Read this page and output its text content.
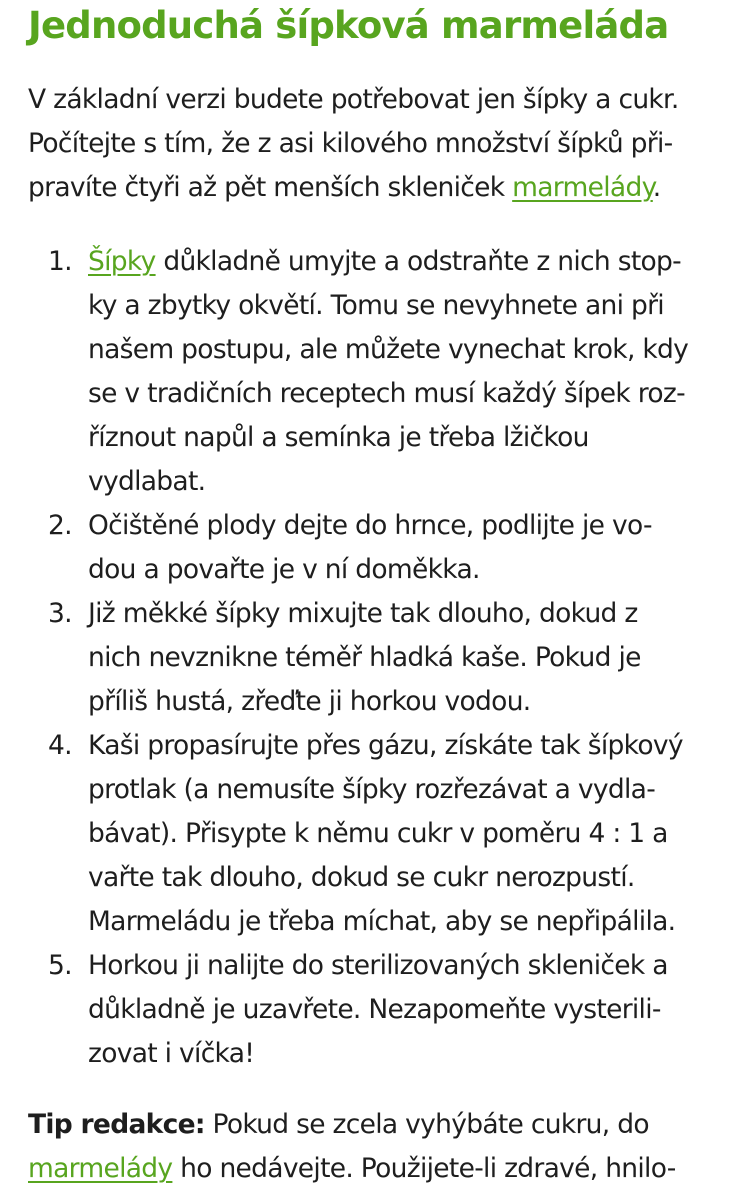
Jednoduchá šípková marmeláda

V základní verzi budete potřebovat jen šípky a cukr.
Počítejte s tím, že z asi kilového množství šípků při-
pravíte čtyři až pět menších skleniček marmelády.

1. Šípky důkladně umyjte a odstraňte z nich stop-
ky a zbytky okvětí. Tomu se nevyhnete ani při
našem postupu, ale můžete vynechat krok, kdy
se v tradičních receptech musí každý šípek roz-
říznout napůl a semínka je třeba lžičkou
vydlabat.
2. Očištěné plody dejte do hrnce, podlijte je vo-
dou a povařte je v ní doměkka.
3. Již měkké šípky mixujte tak dlouho, dokud z
nich nevznikne téměř hladká kaše. Pokud je
příliš hustá, zřeďte ji horkou vodou.
4. Kaši propasírujte přes gázu, získáte tak šípkový
protlak (a nemusíte šípky rozřezávat a vydla-
bávat). Přisypte k němu cukr v poměru 4 : 1 a
vařte tak dlouho, dokud se cukr nerozpustí.
Marmeládu je třeba míchat, aby se nepřipálila.
5. Horkou ji nalijte do sterilizovaných skleniček a
důkladně je uzavřete. Nezapomeňte vysterili-
zovat i víčka!

Tip redakce: Pokud se zcela vyhýbáte cukru, do
marmelády ho nedávejte. Použijete-li zdravé, hnilo-
